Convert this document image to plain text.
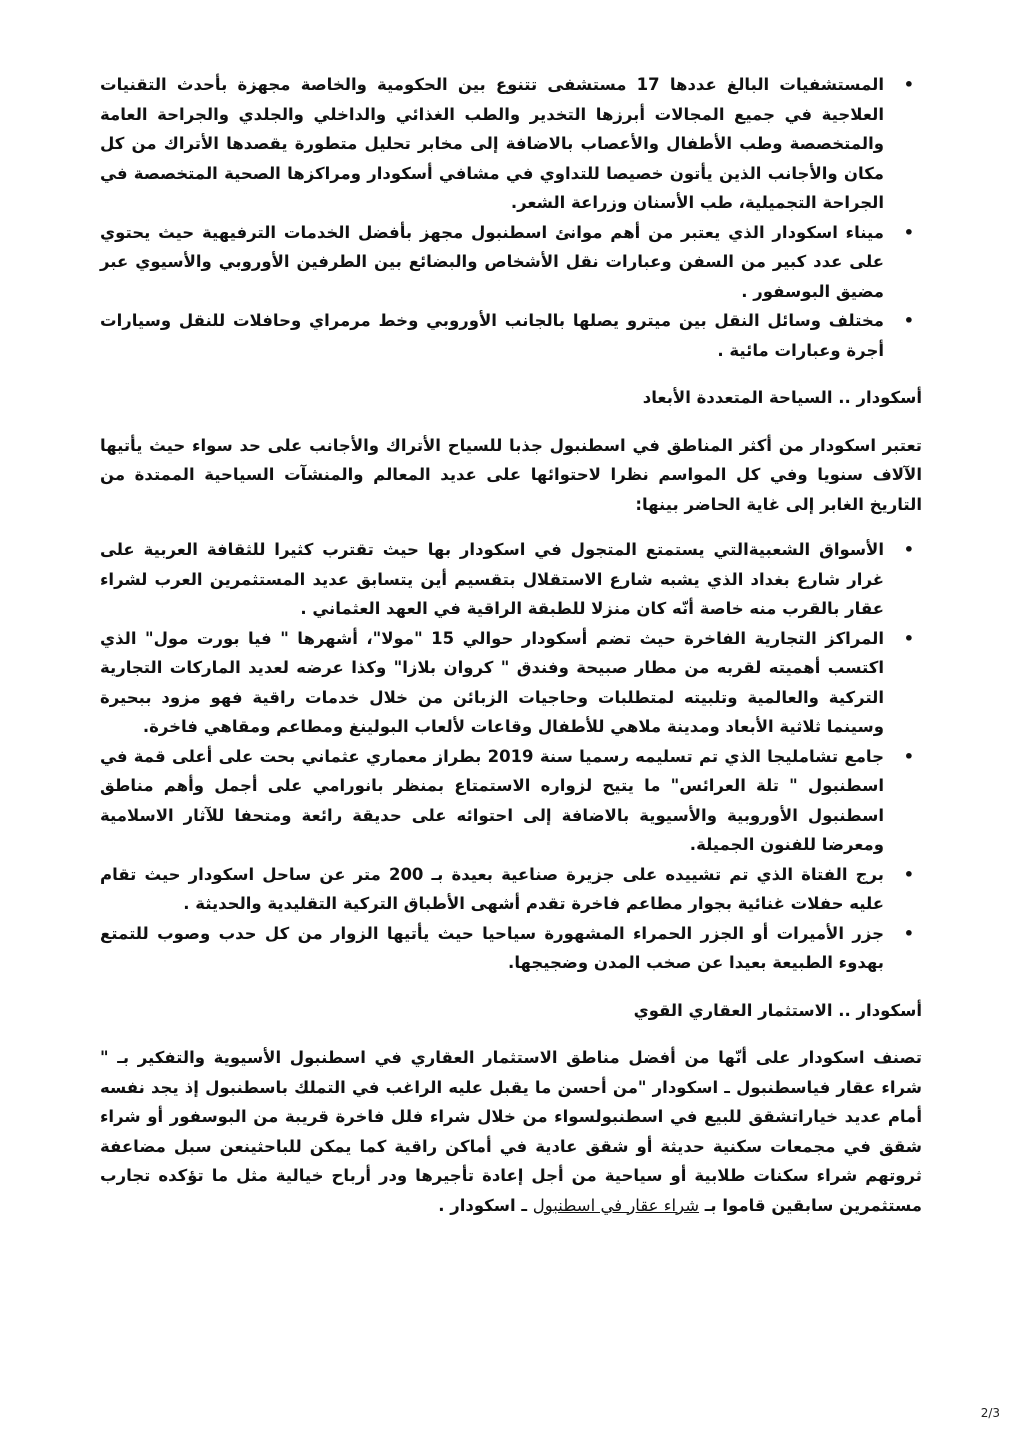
• المستشفيات البالغ عددها 17 مستشفى تتنوع بين الحكومية والخاصة مجهزة بأحدث التقنيات العلاجية في جميع المجالات أبرزها التخدير والطب الغذائي والداخلي والجلدي والجراحة العامة والمتخصصة وطب الأطفال والأعصاب بالاضافة إلى مخابر تحليل متطورة يقصدها الأتراك من كل مكان والأجانب الذين يأتون خصيصا للتداوي في مشافي أسكودار ومراكزها الصحية المتخصصة في الجراحة التجميلية، طب الأسنان وزراعة الشعر.
• ميناء اسكودار الذي يعتبر من أهم موانئ اسطنبول مجهز بأفضل الخدمات الترفيهية حيث يحتوي على عدد كبير من السفن وعبارات نقل الأشخاص والبضائع بين الطرفين الأوروبي والأسيوي عبر مضيق البوسفور .
• مختلف وسائل النقل بين ميترو يصلها بالجانب الأوروبي وخط مرمراي وحافلات للنقل وسيارات أجرة وعبارات مائية .
أسكودار .. السياحة المتعددة الأبعاد
تعتبر اسكودار من أكثر المناطق في اسطنبول جذبا للسياح الأتراك والأجانب على حد سواء حيث يأتيها الآلاف سنويا وفي كل المواسم نظرا لاحتوائها على عديد المعالم والمنشآت السياحية الممتدة من التاريخ الغابر إلى غاية الحاضر بينها:
• الأسواق الشعبيةالتي يستمتع المتجول في اسكودار بها حيث تقترب كثيرا للثقافة العربية على غرار شارع بغداد الذي يشبه شارع الاستقلال بتقسيم أين يتسابق عديد المستثمرين العرب لشراء عقار بالقرب منه خاصة أنّه كان منزلا للطبقة الراقية في العهد العثماني .
• المراكز التجارية الفاخرة حيث تضم أسكودار حوالي 15 "مولا"، أشهرها " فيا بورت مول" الذي اكتسب أهميته لقربه من مطار صبيحة وفندق " كروان بلازا" وكذا عرضه لعديد الماركات التجارية التركية والعالمية وتلبيته لمتطلبات وحاجيات الزبائن من خلال خدمات راقية فهو مزود ببحيرة وسينما ثلاثية الأبعاد ومدينة ملاهي للأطفال وقاعات لألعاب البولينغ ومطاعم ومقاهي فاخرة.
• جامع تشامليجا الذي تم تسليمه رسميا سنة 2019 بطراز معماري عثماني بحت على أعلى قمة في اسطنبول " تلة العرائس" ما يتيح لزواره الاستمتاع بمنظر بانورامي على أجمل وأهم مناطق اسطنبول الأوروبية والأسيوية بالاضافة إلى احتوائه على حديقة رائعة ومتحفا للآثار الاسلامية ومعرضا للفنون الجميلة.
• برج الفتاة الذي تم تشييده على جزيرة صناعية بعيدة بـ 200 متر عن ساحل اسكودار حيث تقام عليه حفلات غنائية بجوار مطاعم فاخرة تقدم أشهى الأطباق التركية التقليدية والحديثة .
• جزر الأميرات أو الجزر الحمراء المشهورة سياحيا حيث يأتيها الزوار من كل حدب وصوب للتمتع بهدوء الطبيعة بعيدا عن صخب المدن وضجيجها.
أسكودار .. الاستثمار العقاري القوي
تصنف اسكودار على أنّها من أفضل مناطق الاستثمار العقاري في اسطنبول الأسيوية والتفكير بـ " شراء عقار فياسطنبول ـ اسكودار "من أحسن ما يقبل عليه الراغب في التملك باسطنبول إذ يجد نفسه أمام عديد خياراتشقق للبيع في اسطنبولسواء من خلال شراء فلل فاخرة قريبة من البوسفور أو شراء شقق في مجمعات سكنية حديثة أو شقق عادية في أماكن راقية كما يمكن للباحثينعن سبل مضاعفة ثروتهم شراء سكنات طلابية أو سياحية من أجل إعادة تأجيرها ودر أرباح خيالية مثل ما تؤكده تجارب مستثمرين سابقين قاموا بـ شراء عقار في اسطنبول ـ اسكودار .
2/3
